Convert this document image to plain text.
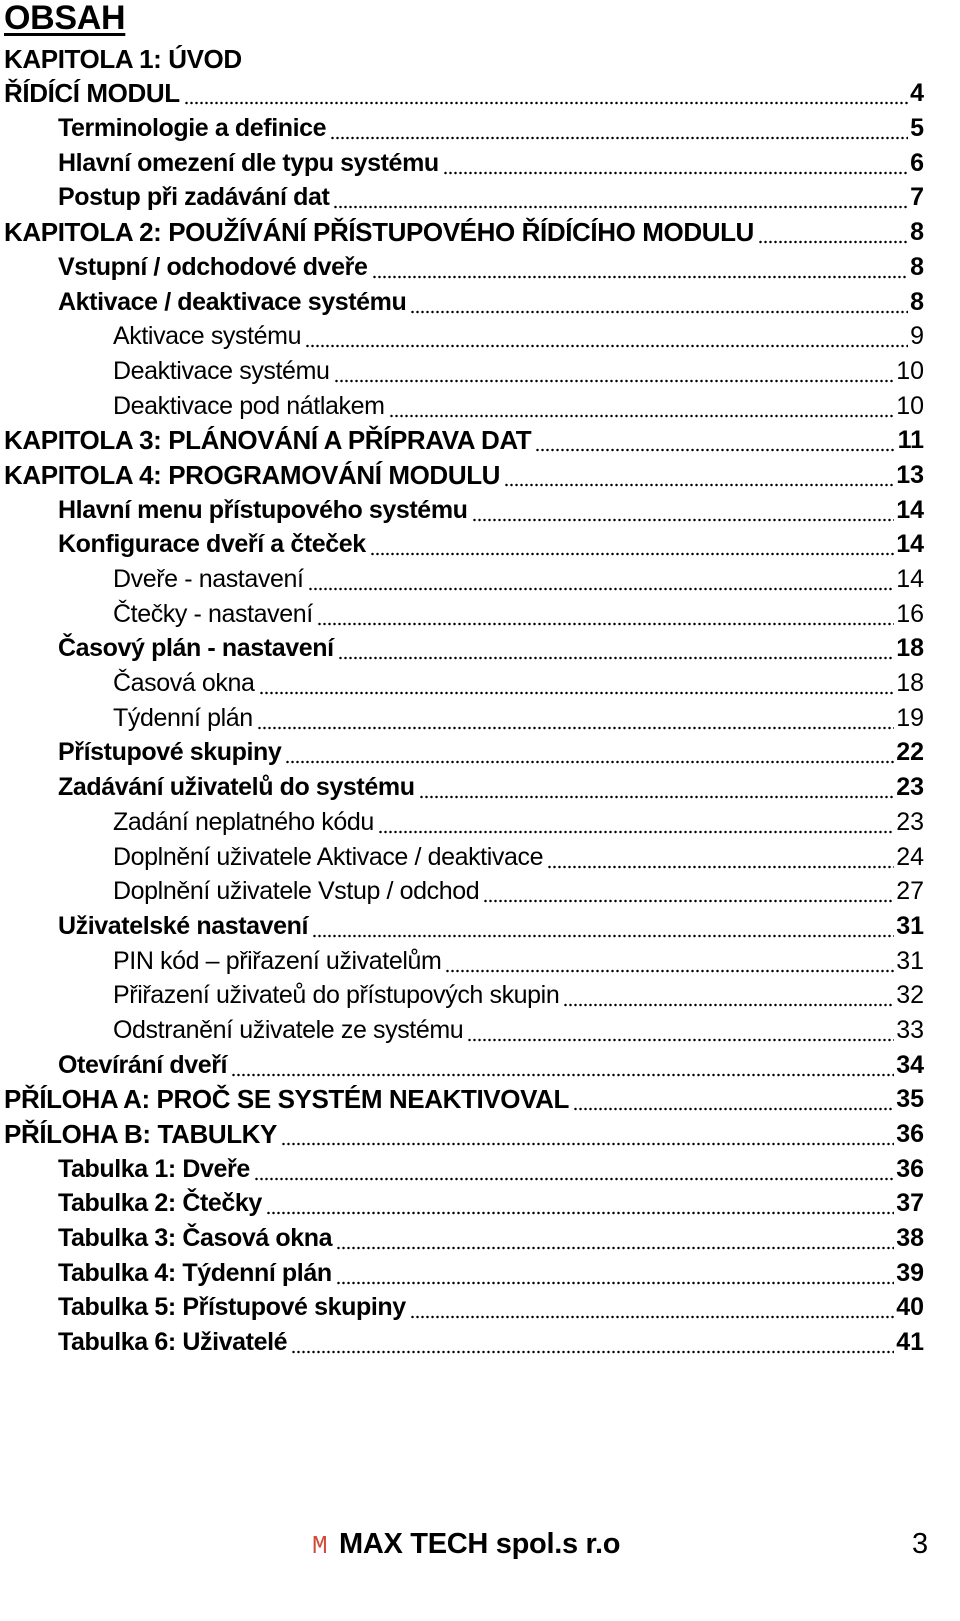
OBSAH
KAPITOLA 1: ÚVOD
ŘÍDÍCÍ MODUL	4
Terminologie a definice	5
Hlavní omezení dle typu systému	6
Postup při zadávání dat	7
KAPITOLA 2: POUŽÍVÁNÍ PŘÍSTUPOVÉHO ŘÍDÍCÍHO MODULU	8
Vstupní / odchodové dveře	8
Aktivace / deaktivace systému	8
Aktivace systému	9
Deaktivace systému	10
Deaktivace pod nátlakem	10
KAPITOLA 3: PLÁNOVÁNÍ A PŘÍPRAVA DAT	11
KAPITOLA 4: PROGRAMOVÁNÍ MODULU	13
Hlavní menu přístupového systému	14
Konfigurace dveří a čteček	14
Dveře - nastavení	14
Čtečky - nastavení	16
Časový plán - nastavení	18
Časová okna	18
Týdenní plán	19
Přístupové skupiny	22
Zadávání uživatelů do systému	23
Zadání neplatného kódu	23
Doplnění uživatele Aktivace / deaktivace	24
Doplnění uživatele Vstup / odchod	27
Uživatelské nastavení	31
PIN kód – přiřazení uživatelům	31
Přiřazení uživateů do přístupových skupin	32
Odstranění uživatele ze systému	33
Otevírání dveří	34
PŘÍLOHA A: PROČ SE SYSTÉM NEAKTIVOVAL	35
PŘÍLOHA B: TABULKY	36
Tabulka 1: Dveře	36
Tabulka 2: Čtečky	37
Tabulka 3: Časová okna	38
Tabulka 4: Týdenní plán	39
Tabulka 5: Přístupové skupiny	40
Tabulka 6: Uživatelé	41
M MAX TECH spol.s r.o	3
